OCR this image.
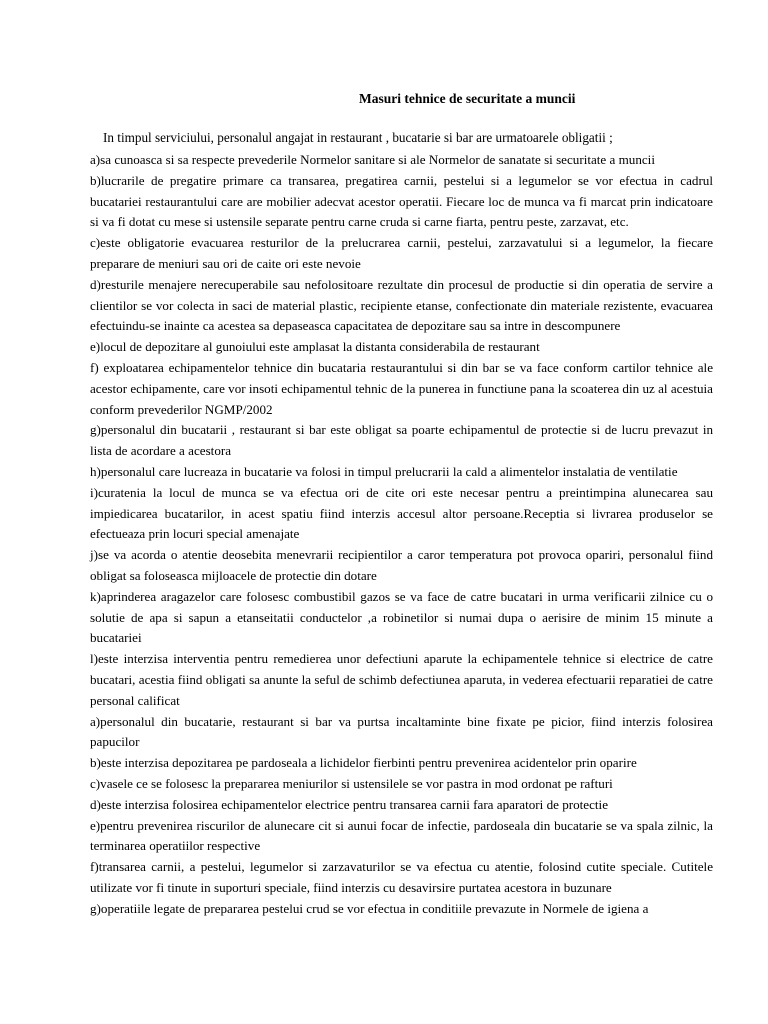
Masuri tehnice de securitate a muncii
In timpul serviciului, personalul angajat in restaurant , bucatarie si bar are urmatoarele obligatii ;

a)sa cunoasca si sa respecte prevederile Normelor sanitare si ale Normelor de sanatate si securitate a muncii

b)lucrarile de pregatire primare ca transarea, pregatirea carnii, pestelui si a legumelor se vor efectua in cadrul bucatariei restaurantului care are mobilier adecvat acestor operatii. Fiecare loc de munca va fi marcat prin indicatoare si va fi dotat cu mese si ustensile separate pentru carne cruda si carne fiarta, pentru peste, zarzavat, etc.

c)este obligatorie evacuarea resturilor de la prelucrarea carnii, pestelui, zarzavatului si a legumelor, la fiecare preparare de meniuri sau ori de caite ori este nevoie

d)resturile menajere nerecuperabile sau nefolositoare rezultate din procesul de productie si din operatia de servire a clientilor se vor colecta in saci de material plastic, recipiente etanse, confectionate din materiale rezistente, evacuarea efectuindu-se inainte ca acestea sa depaseasca capacitatea de depozitare sau sa intre in descompunere

e)locul de depozitare al gunoiului este amplasat la distanta considerabila de restaurant

f) exploatarea echipamentelor tehnice din bucataria restaurantului si din bar se va face conform cartilor tehnice ale acestor echipamente, care vor insoti echipamentul tehnic de la punerea in functiune pana la scoaterea din uz al acestuia conform prevederilor NGMP/2002

g)personalul din bucatarii , restaurant si bar este obligat sa poarte echipamentul de protectie si de lucru prevazut in lista de acordare a acestora

h)personalul care lucreaza in bucatarie va folosi in timpul prelucrarii la cald a alimentelor instalatia de ventilatie

i)curatenia la locul de munca se va efectua ori de cite ori este necesar pentru a preintimpina alunecarea sau impiedicarea bucatarilor, in acest spatiu fiind interzis accesul altor persoane.Receptia si livrarea produselor se efectueaza prin locuri special amenajate

j)se va acorda o atentie deosebita menevrarii recipientilor a caror temperatura pot provoca opariri, personalul fiind obligat sa foloseasca mijloacele de protectie din dotare

k)aprinderea aragazelor care folosesc combustibil gazos se va face de catre bucatari in urma verificarii zilnice cu o solutie de apa si sapun a etanseitatii conductelor ,a robinetilor si numai dupa o aerisire de minim 15 minute a bucatariei

l)este interzisa interventia pentru remedierea unor defectiuni aparute la echipamentele tehnice si electrice de catre bucatari, acestia fiind obligati sa anunte la seful de schimb defectiunea aparuta, in vederea efectuarii reparatiei de catre personal calificat

a)personalul din bucatarie, restaurant si bar va purtsa incaltaminte bine fixate pe picior, fiind interzis folosirea papucilor

b)este interzisa depozitarea pe pardoseala a lichidelor fierbinti pentru prevenirea acidentelor prin oparire

c)vasele ce se folosesc la prepararea meniurilor si ustensilele se vor pastra in mod ordonat pe rafturi

d)este interzisa folosirea echipamentelor electrice pentru transarea carnii fara aparatori de protectie

e)pentru prevenirea riscurilor de alunecare cit si aunui focar de infectie, pardoseala din bucatarie se va spala zilnic, la terminarea operatiilor respective

f)transarea carnii, a pestelui, legumelor si zarzavaturilor se va efectua cu atentie, folosind cutite speciale. Cutitele utilizate vor fi tinute in suporturi speciale, fiind interzis cu desavirsire purtatea acestora in buzunare

g)operatiile legate de prepararea pestelui crud se vor efectua in conditiile prevazute in Normele de igiena a
